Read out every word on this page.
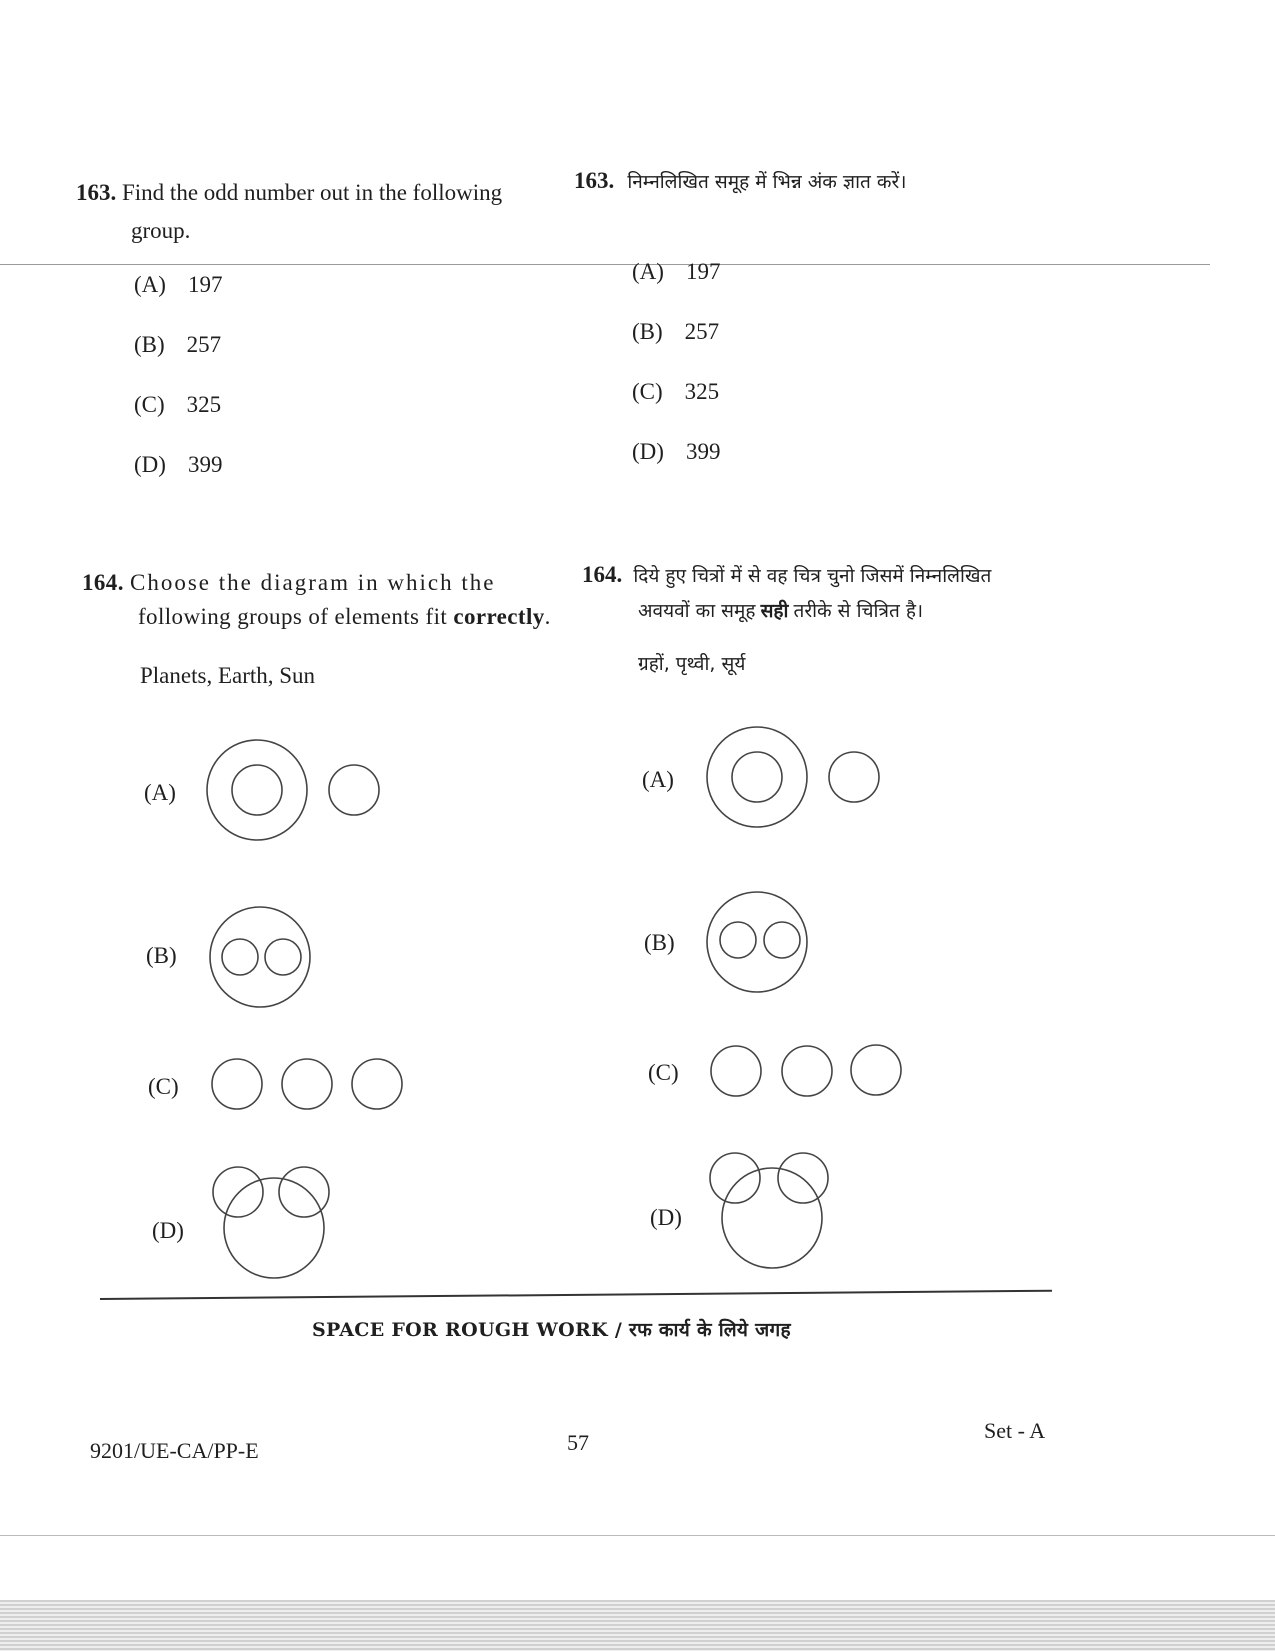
163. Find the odd number out in the following
group.
163. निम्नलिखित समूह में भिन्न अंक ज्ञात करें।
(A) 197
(B) 257
(C) 325
(D) 399
(A) 197
(B) 257
(C) 325
(D) 399
164. Choose the diagram in which the
following groups of elements fit correctly.
Planets, Earth, Sun
164. दिये हुए चित्रों में से वह चित्र चुनो जिसमें निम्नलिखित
अवयवों का समूह सही तरीके से चित्रित है।
ग्रहों, पृथ्वी, सूर्य
(A)
(B)
(C)
(D)
(A)
(B)
(C)
(D)
SPACE FOR ROUGH WORK / रफ कार्य के लिये जगह
9201/UE-CA/PP-E	57	Set - A
